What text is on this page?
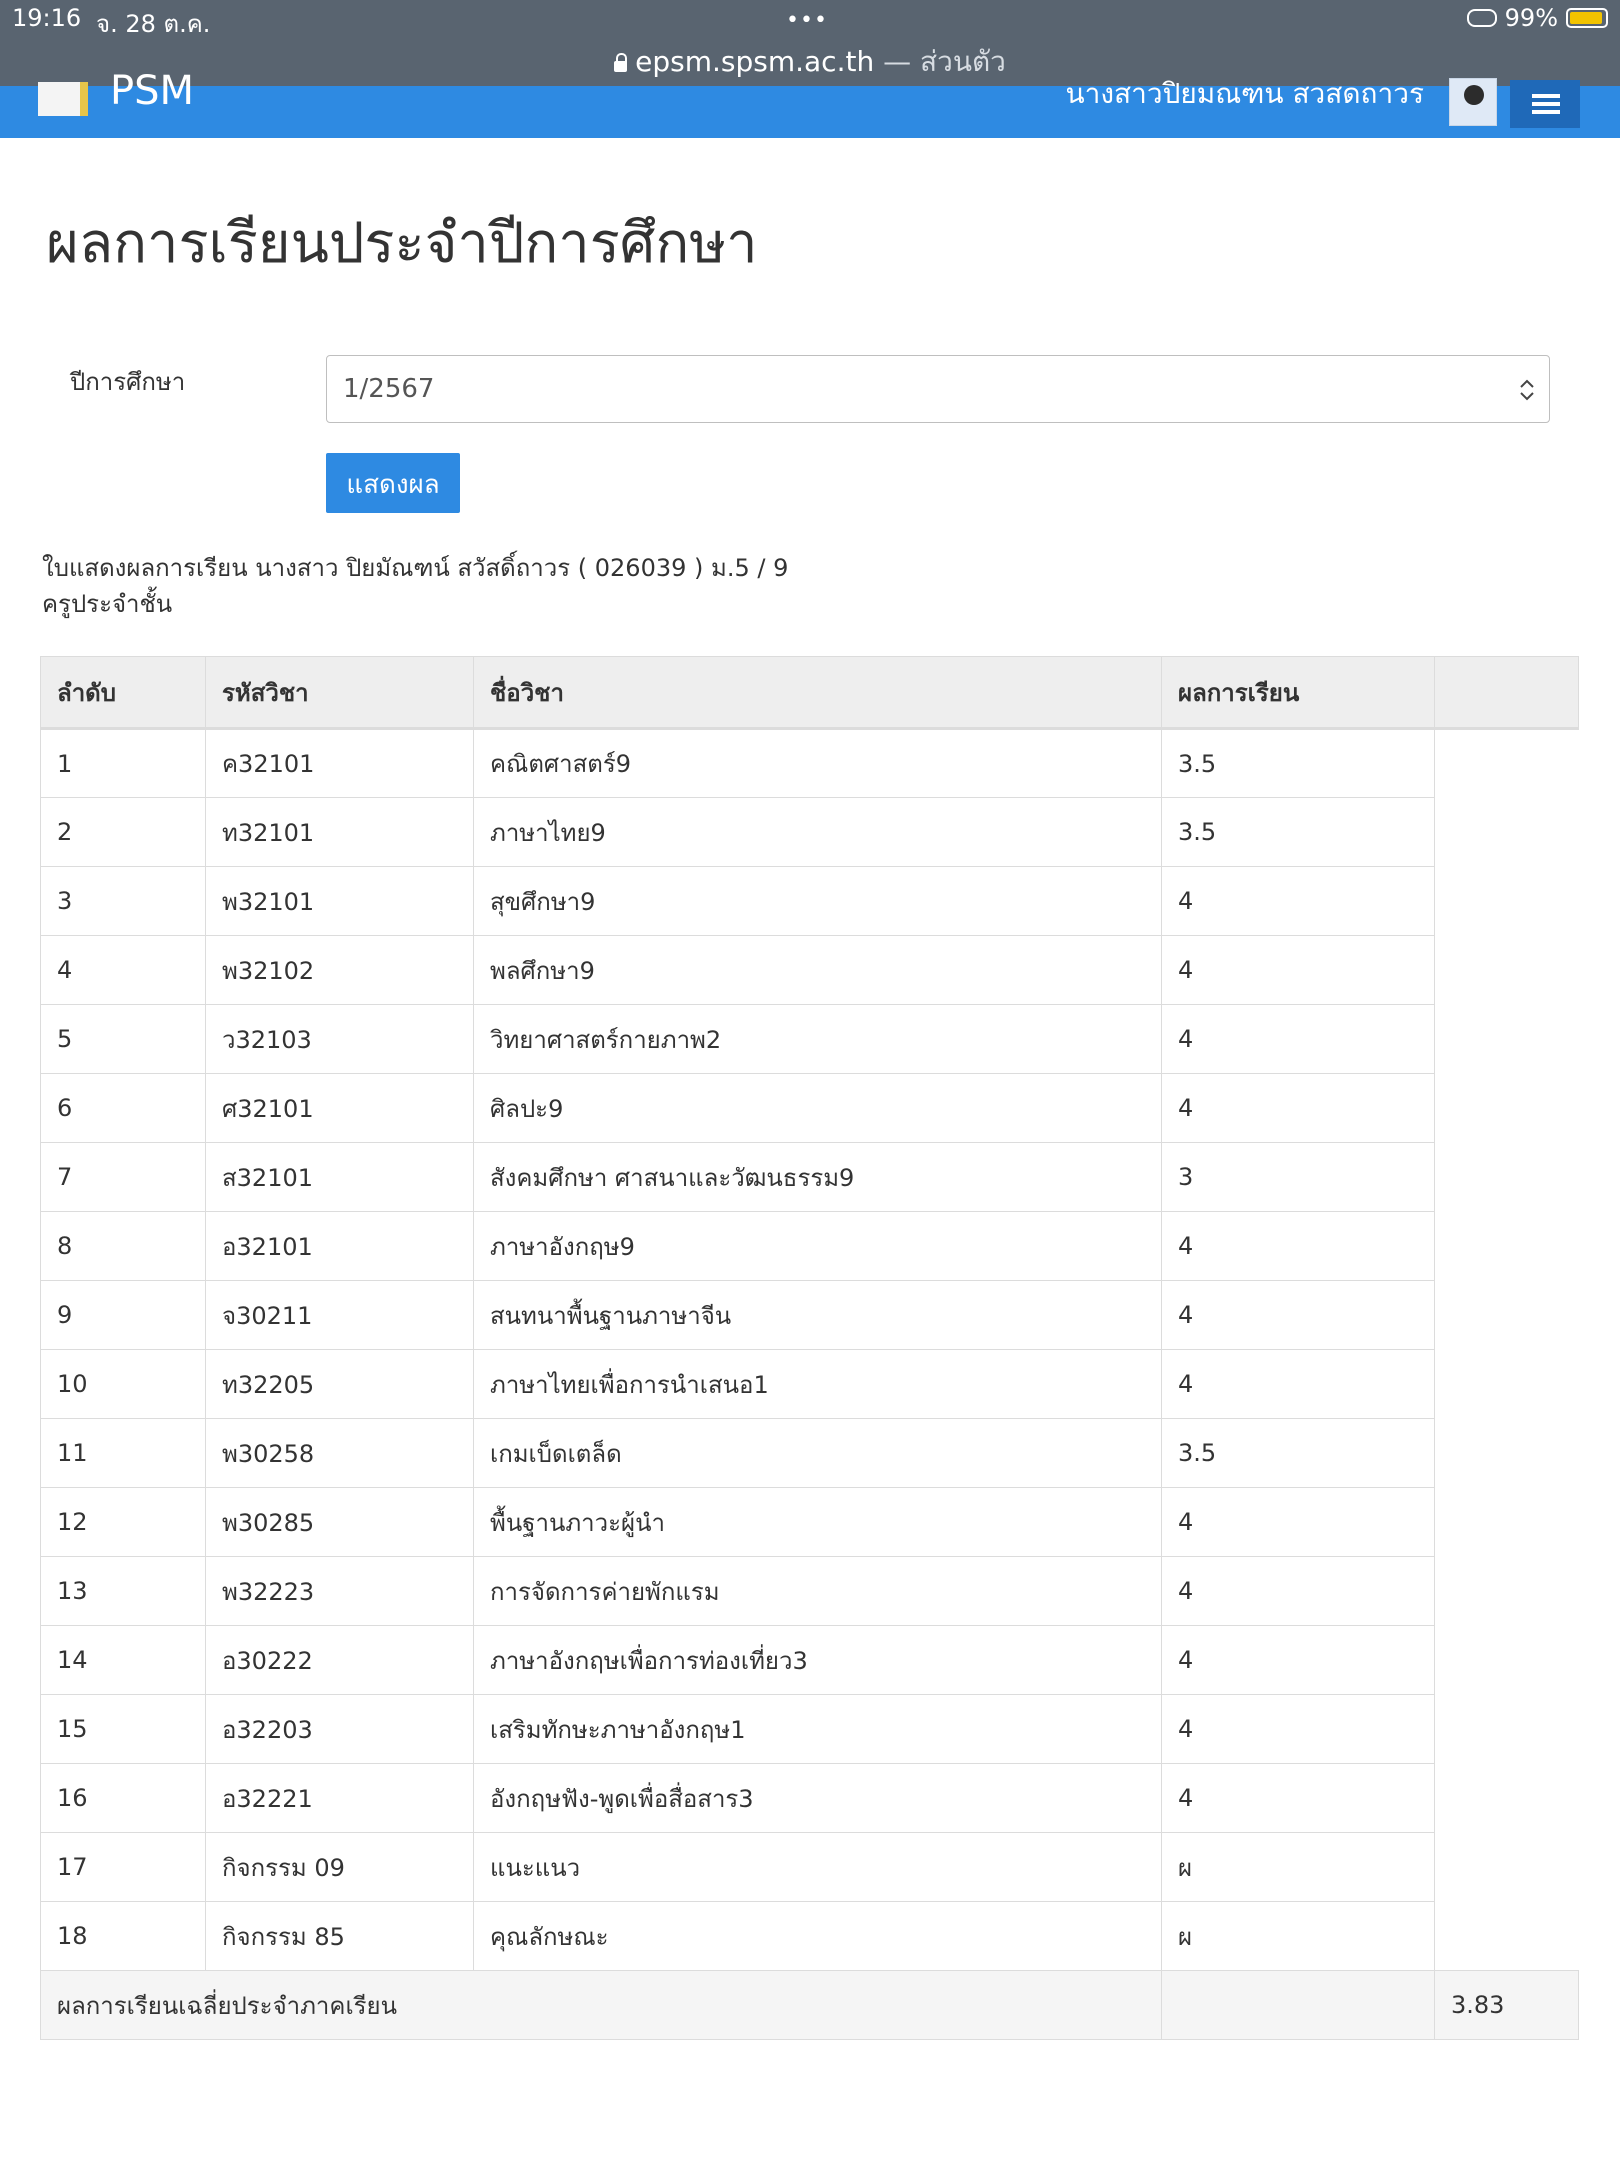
19:16 จ. 28 ต.ค.	•••	99%
epsm.spsm.ac.th — ส่วนตัว
PSM	นางสาวปิยมณฑน สวสดถาวร
ผลการเรียนประจำปีการศึกษา
ปีการศึกษา	1/2567
แสดงผล
ใบแสดงผลการเรียน นางสาว ปิยมัณฑน์ สวัสดิ์ถาวร ( 026039 ) ม.5 / 9
ครูประจำชั้น
ลำดับ	รหัสวิชา	ชื่อวิชา	ผลการเรียน	
1	ค32101	คณิตศาสตร์9	3.5	
2	ท32101	ภาษาไทย9	3.5	
3	พ32101	สุขศึกษา9	4	
4	พ32102	พลศึกษา9	4	
5	ว32103	วิทยาศาสตร์กายภาพ2	4	
6	ศ32101	ศิลปะ9	4	
7	ส32101	สังคมศึกษา ศาสนาและวัฒนธรรม9	3	
8	อ32101	ภาษาอังกฤษ9	4	
9	จ30211	สนทนาพื้นฐานภาษาจีน	4	
10	ท32205	ภาษาไทยเพื่อการนำเสนอ1	4	
11	พ30258	เกมเบ็ดเตล็ด	3.5	
12	พ30285	พื้นฐานภาวะผู้นำ	4	
13	พ32223	การจัดการค่ายพักแรม	4	
14	อ30222	ภาษาอังกฤษเพื่อการท่องเที่ยว3	4	
15	อ32203	เสริมทักษะภาษาอังกฤษ1	4	
16	อ32221	อังกฤษฟัง-พูดเพื่อสื่อสาร3	4	
17	กิจกรรม 09	แนะแนว	ผ	
18	กิจกรรม 85	คุณลักษณะ	ผ	
ผลการเรียนเฉลี่ยประจำภาคเรียน				3.83
